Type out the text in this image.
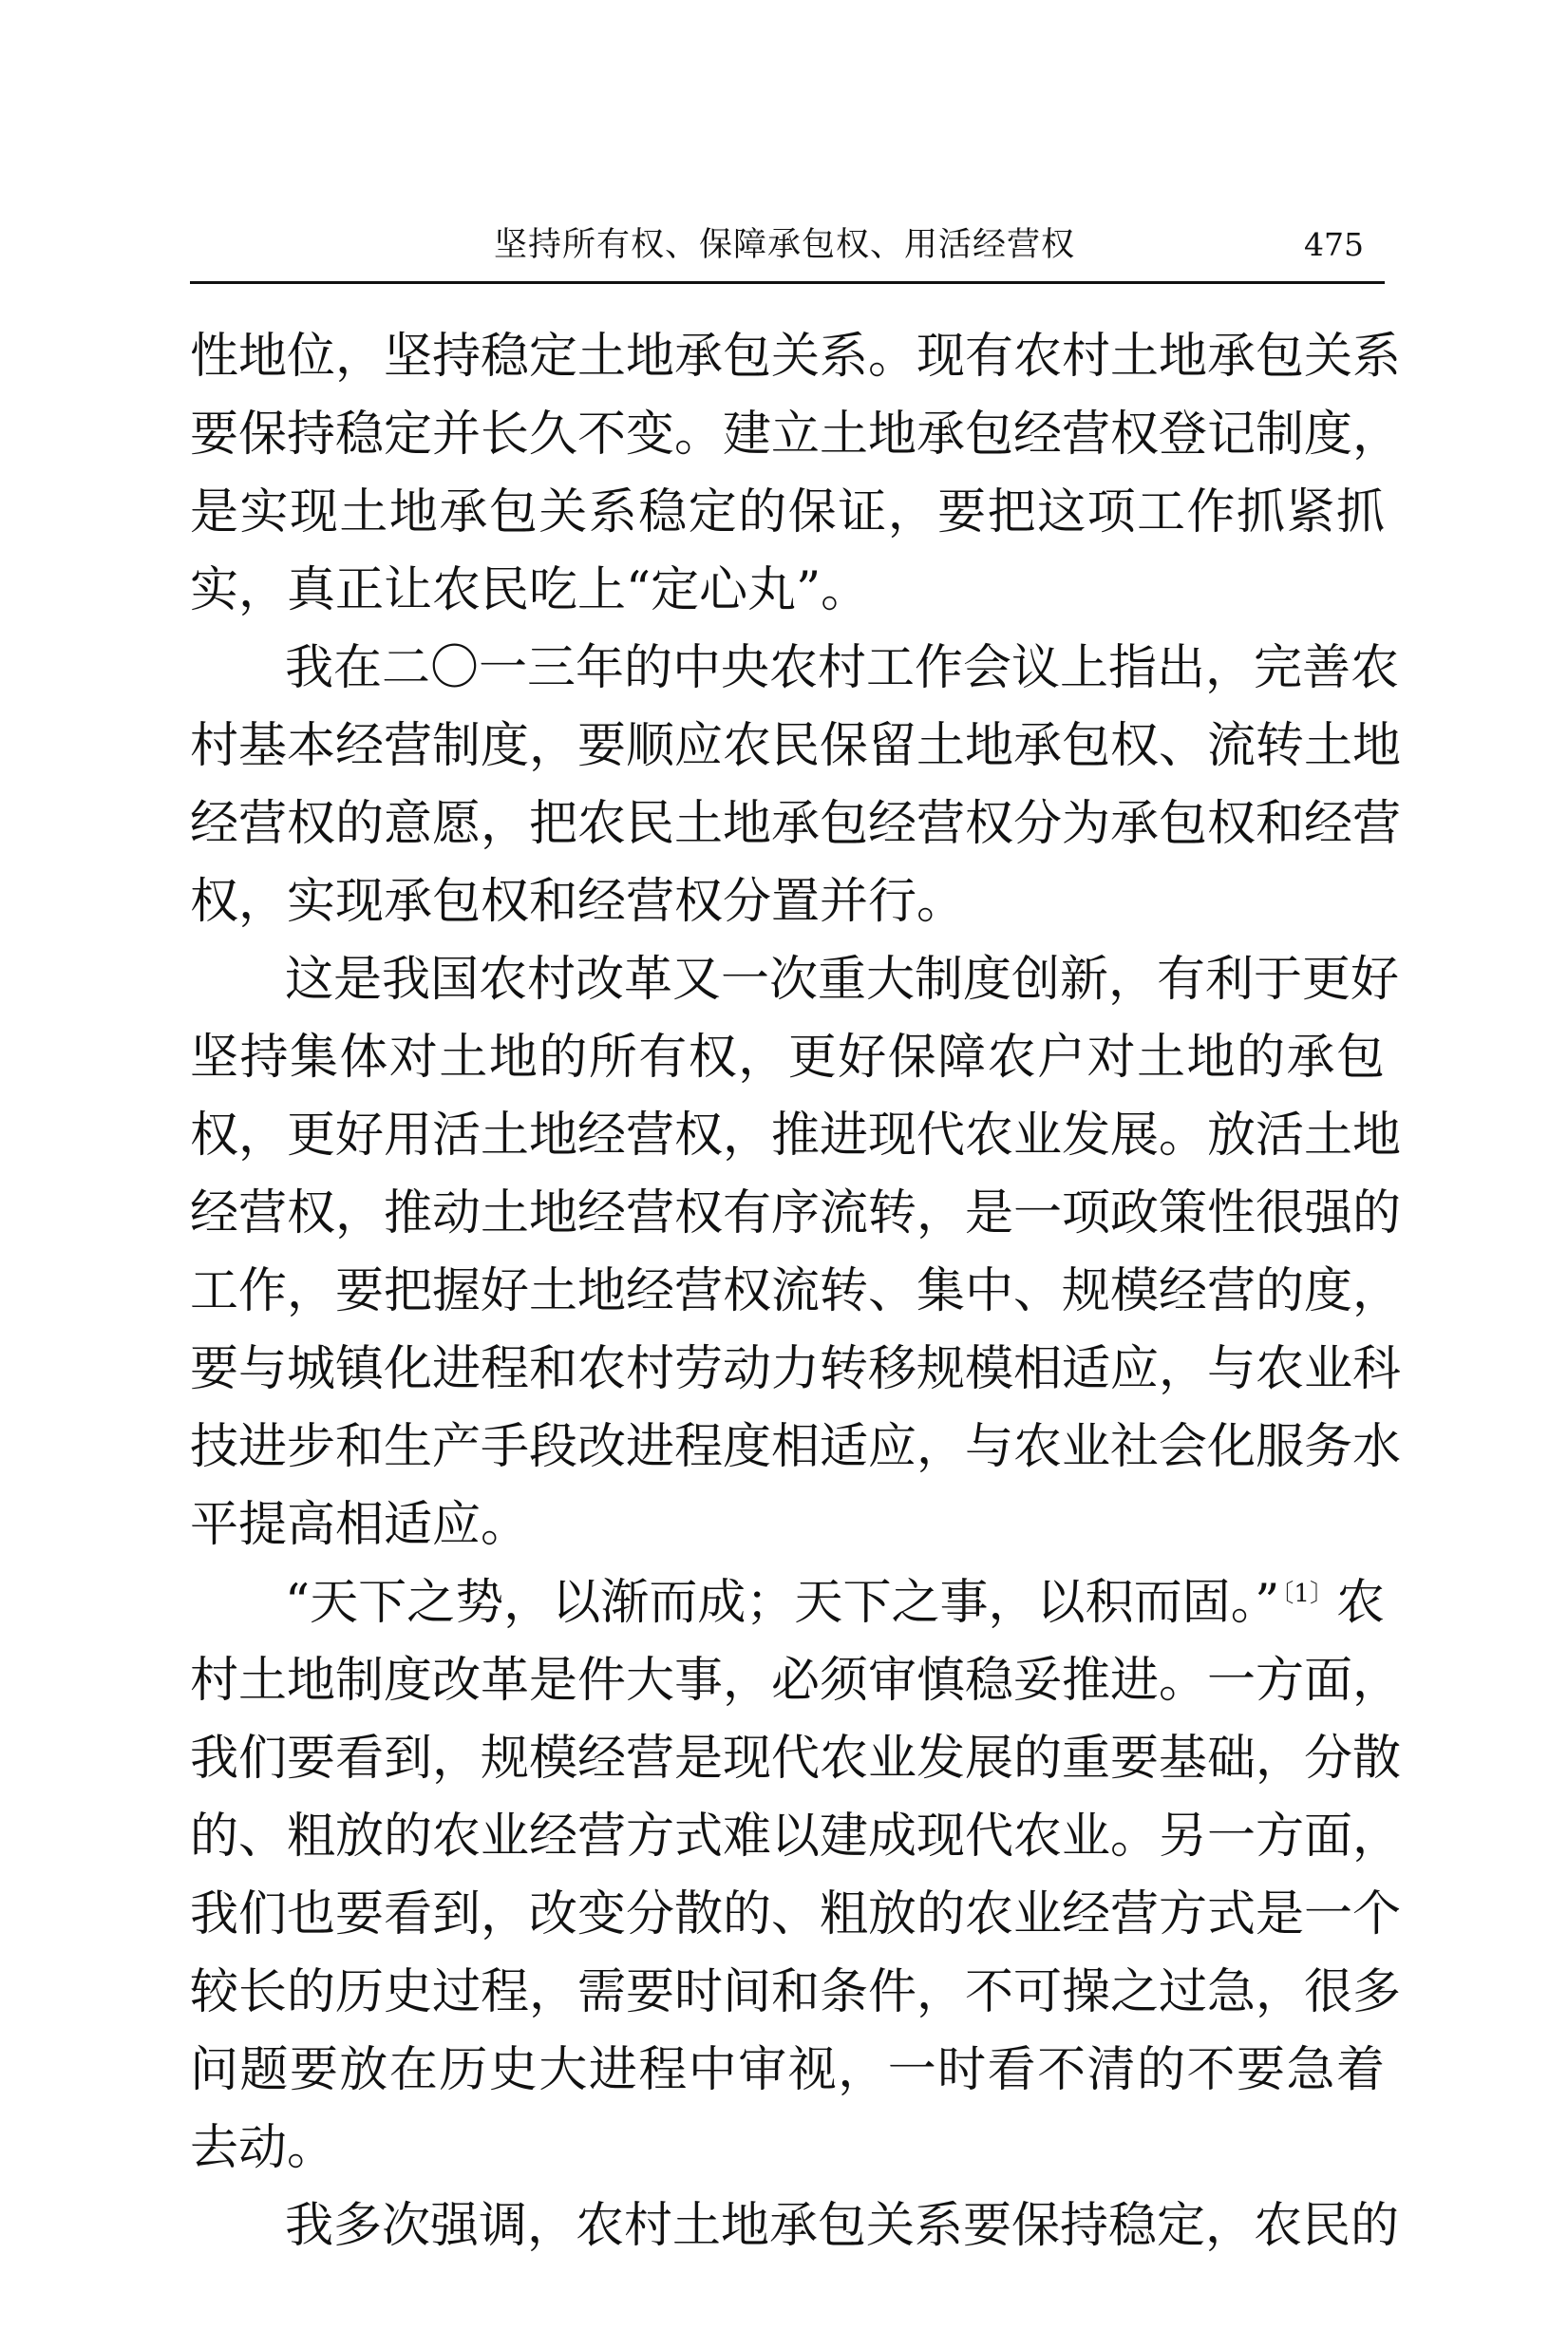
坚持所有权、保障承包权、用活经营权	475
性地位，坚持稳定土地承包关系。现有农村土地承包关系
要保持稳定并长久不变。建立土地承包经营权登记制度，
是实现土地承包关系稳定的保证，要把这项工作抓紧抓
实，真正让农民吃上“定心丸”。
我在二〇一三年的中央农村工作会议上指出，完善农
村基本经营制度，要顺应农民保留土地承包权、流转土地
经营权的意愿，把农民土地承包经营权分为承包权和经营
权，实现承包权和经营权分置并行。
这是我国农村改革又一次重大制度创新，有利于更好
坚持集体对土地的所有权，更好保障农户对土地的承包
权，更好用活土地经营权，推进现代农业发展。放活土地
经营权，推动土地经营权有序流转，是一项政策性很强的
工作，要把握好土地经营权流转、集中、规模经营的度，
要与城镇化进程和农村劳动力转移规模相适应，与农业科
技进步和生产手段改进程度相适应，与农业社会化服务水
平提高相适应。
“天下之势，以渐而成；天下之事，以积而固。”$^{〔1〕}$农
村土地制度改革是件大事，必须审慎稳妥推进。一方面，
我们要看到，规模经营是现代农业发展的重要基础，分散
的、粗放的农业经营方式难以建成现代农业。另一方面，
我们也要看到，改变分散的、粗放的农业经营方式是一个
较长的历史过程，需要时间和条件，不可操之过急，很多
问题要放在历史大进程中审视，一时看不清的不要急着
去动。
我多次强调，农村土地承包关系要保持稳定，农民的
